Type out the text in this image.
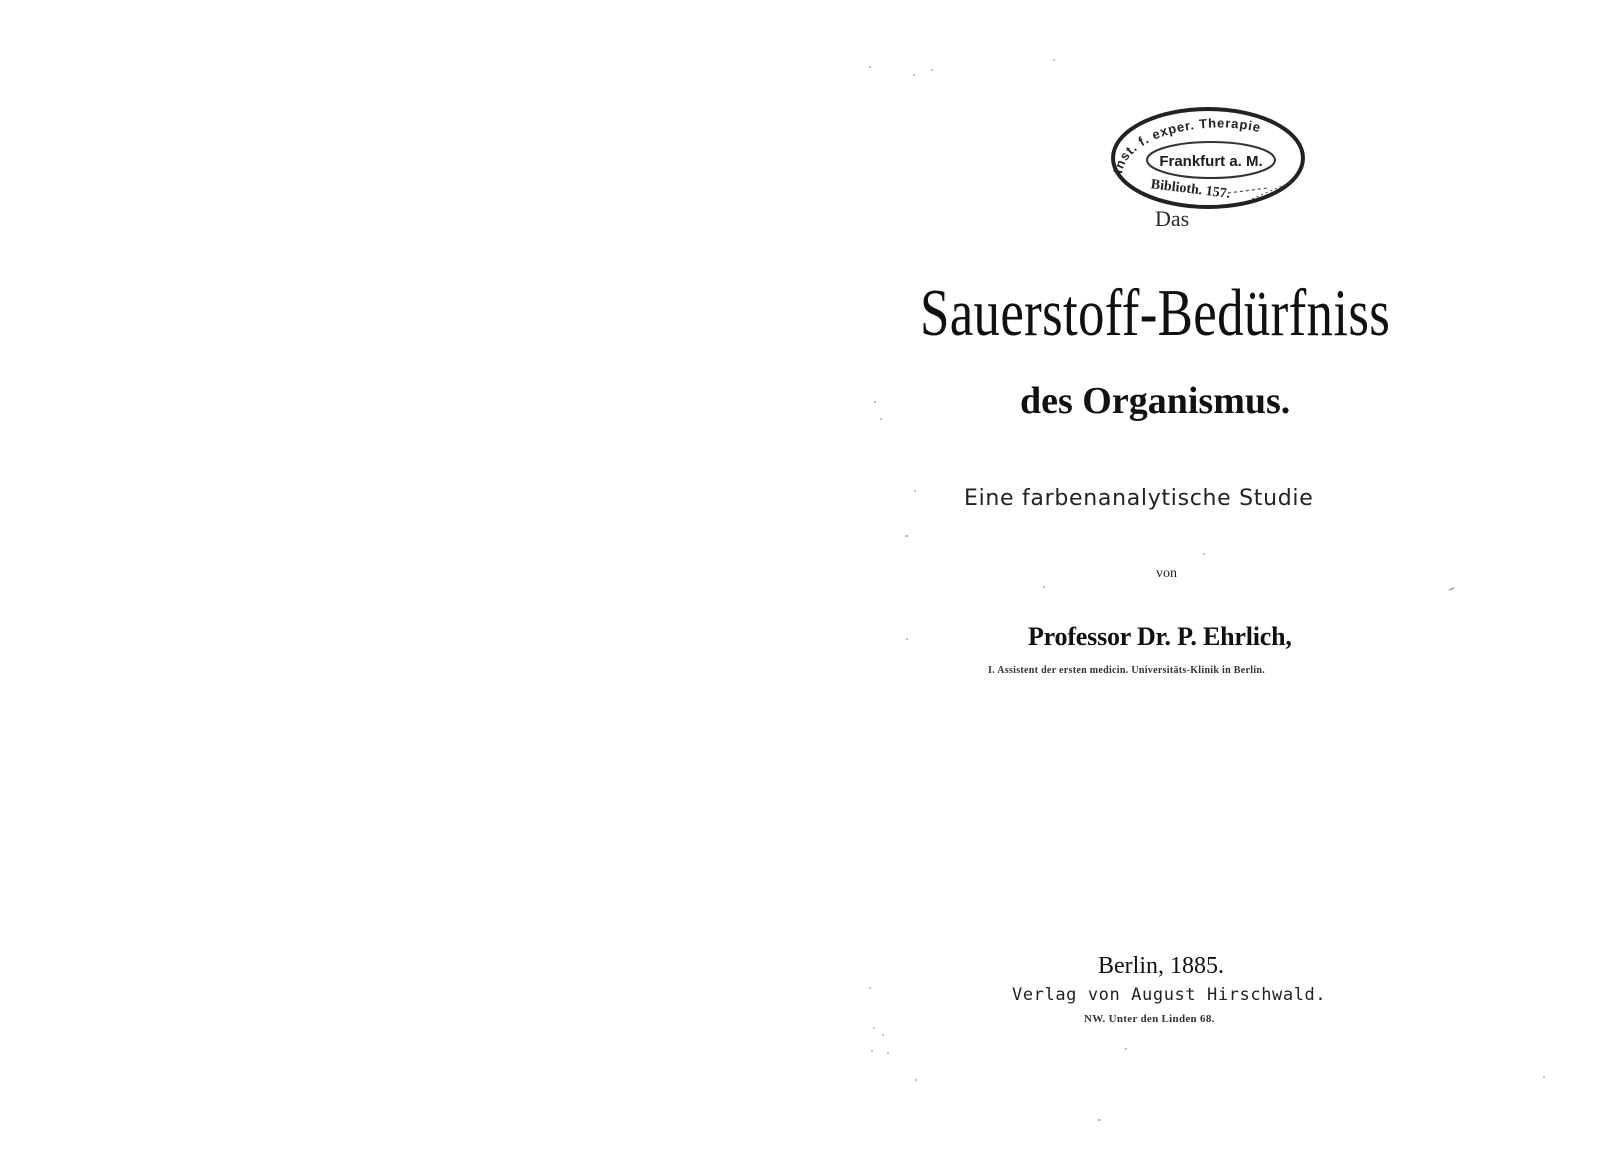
Inst. f. exper. Therapie
Frankfurt a. M.
Biblioth. 157.
Das
Sauerstoff-Bedürfniss
des Organismus.
Eine farbenanalytische Studie
von
Professor Dr. P. Ehrlich,
I. Assistent der ersten medicin. Universitäts-Klinik in Berlin.
Berlin, 1885.
Verlag von August Hirschwald.
NW. Unter den Linden 68.
